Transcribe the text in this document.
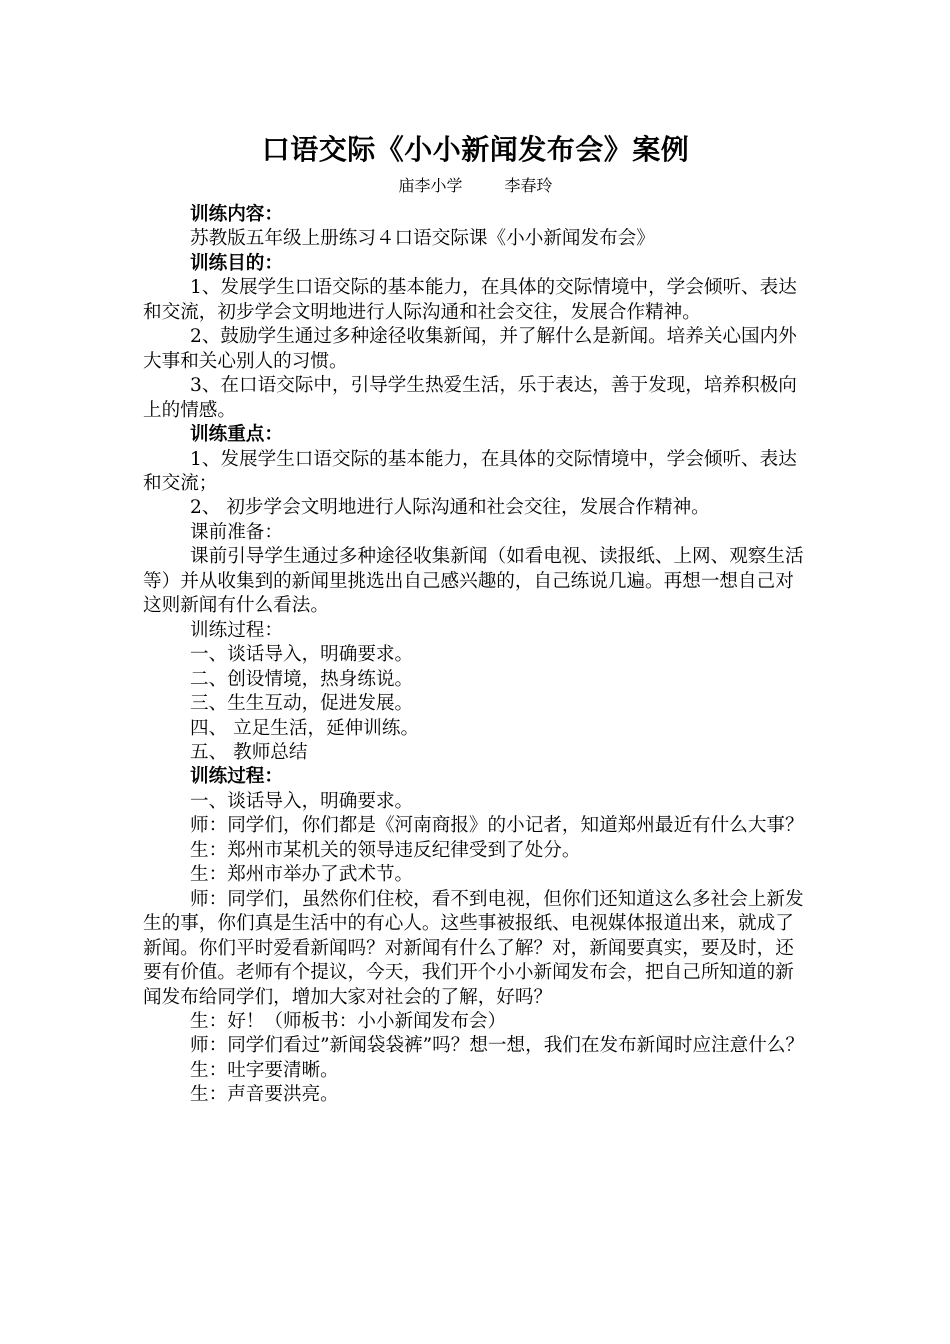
口语交际《小小新闻发布会》案例
庙李小学	李春玲

训练内容：

苏教版五年级上册练习４口语交际课《小小新闻发布会》

训练目的：

1、发展学生口语交际的基本能力，在具体的交际情境中，学会倾听、表达和交流，初步学会文明地进行人际沟通和社会交往，发展合作精神。

2、鼓励学生通过多种途径收集新闻，并了解什么是新闻。培养关心国内外大事和关心别人的习惯。

3、在口语交际中，引导学生热爱生活，乐于表达，善于发现，培养积极向上的情感。

训练重点：

1、发展学生口语交际的基本能力，在具体的交际情境中，学会倾听、表达和交流；

2、 初步学会文明地进行人际沟通和社会交往，发展合作精神。

课前准备：

课前引导学生通过多种途径收集新闻（如看电视、读报纸、上网、观察生活等）并从收集到的新闻里挑选出自己感兴趣的，自己练说几遍。再想一想自己对这则新闻有什么看法。

训练过程：

一、谈话导入，明确要求。

二、创设情境，热身练说。

三、生生互动，促进发展。

四、 立足生活，延伸训练。

五、 教师总结

训练过程：

一、谈话导入，明确要求。

师：同学们，你们都是《河南商报》的小记者，知道郑州最近有什么大事？

生：郑州市某机关的领导违反纪律受到了处分。

生：郑州市举办了武术节。

师：同学们，虽然你们住校，看不到电视，但你们还知道这么多社会上新发生的事，你们真是生活中的有心人。这些事被报纸、电视媒体报道出来，就成了新闻。你们平时爱看新闻吗？对新闻有什么了解？对，新闻要真实，要及时，还要有价值。老师有个提议，今天，我们开个小小新闻发布会，把自己所知道的新闻发布给同学们，增加大家对社会的了解，好吗？

生：好！（师板书：小小新闻发布会）

师：同学们看过”新闻袋袋裤”吗？想一想，我们在发布新闻时应注意什么？

生：吐字要清晰。

生：声音要洪亮。
